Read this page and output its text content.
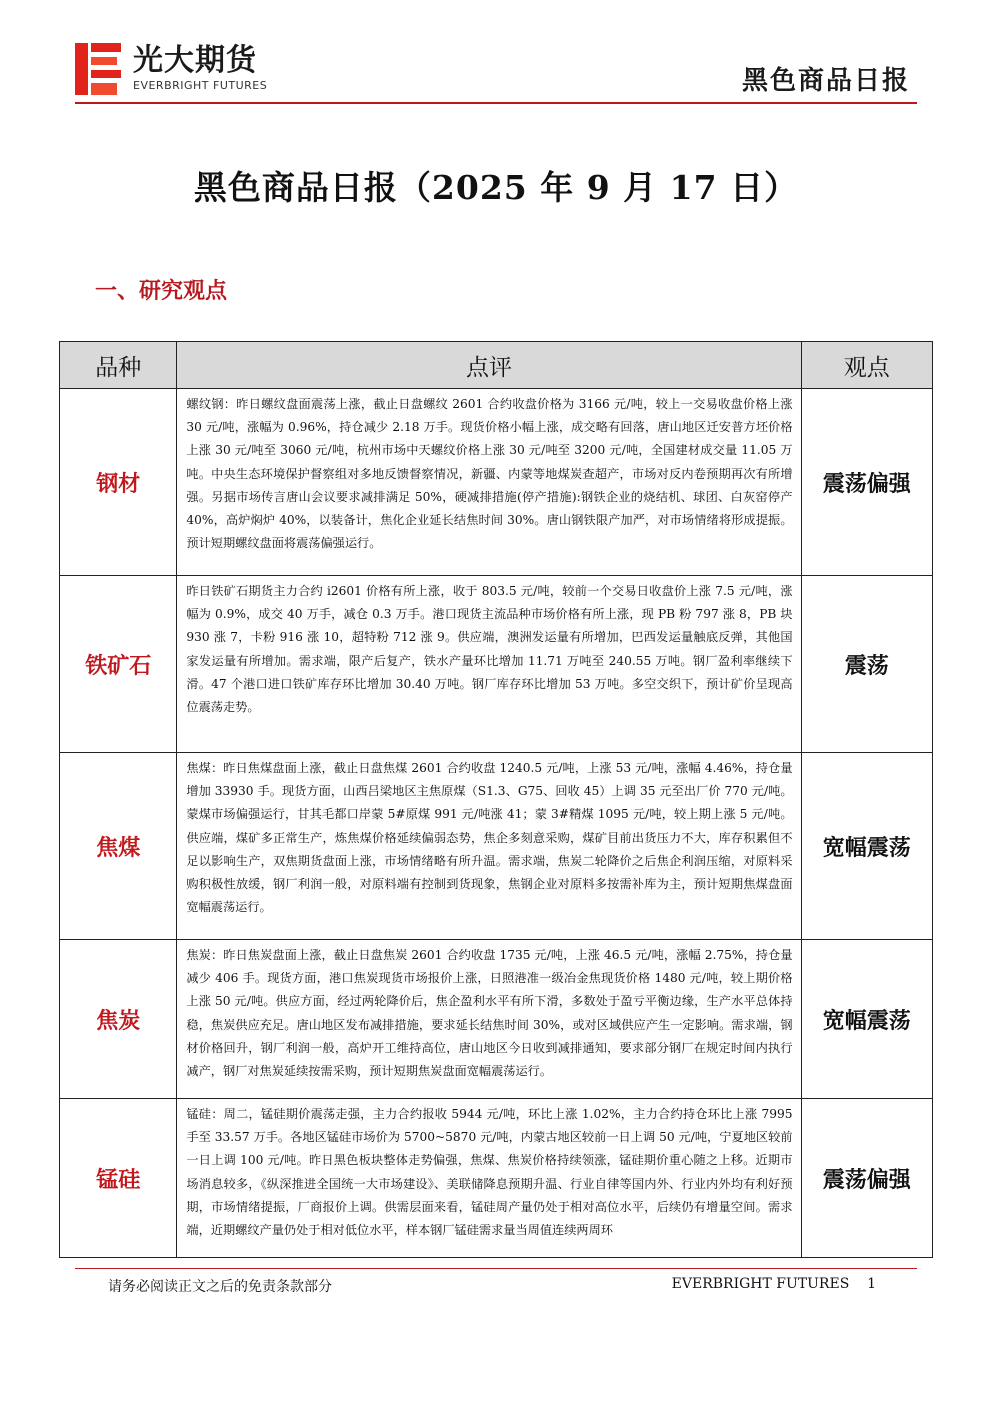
光大期货
EVERBRIGHT FUTURES	黑色商品日报
黑色商品日报（2025 年 9 月 17 日）
一、研究观点
品种	点评	观点
钢材	螺纹钢：昨日螺纹盘面震荡上涨，截止日盘螺纹 2601 合约收盘价格为 3166 元/吨，较上一交易收盘价格上涨 30 元/吨，涨幅为 0.96%，持仓减少 2.18 万手。现货价格小幅上涨，成交略有回落，唐山地区迁安普方坯价格上涨 30 元/吨至 3060 元/吨，杭州市场中天螺纹价格上涨 30 元/吨至 3200 元/吨，全国建材成交量 11.05 万吨。中央生态环境保护督察组对多地反馈督察情况，新疆、内蒙等地煤炭查超产，市场对反内卷预期再次有所增强。另据市场传言唐山会议要求减排满足 50%，硬减排措施(停产措施):钢铁企业的烧结机、球团、白灰窑停产 40%，高炉焖炉 40%，以装备计，焦化企业延长结焦时间 30%。唐山钢铁限产加严，对市场情绪将形成提振。预计短期螺纹盘面将震荡偏强运行。	震荡偏强
铁矿石	昨日铁矿石期货主力合约 i2601 价格有所上涨，收于 803.5 元/吨，较前一个交易日收盘价上涨 7.5 元/吨，涨幅为 0.9%，成交 40 万手，减仓 0.3 万手。港口现货主流品种市场价格有所上涨，现 PB 粉 797 涨 8，PB 块 930 涨 7，卡粉 916 涨 10，超特粉 712 涨 9。供应端，澳洲发运量有所增加，巴西发运量触底反弹，其他国家发运量有所增加。需求端，限产后复产，铁水产量环比增加 11.71 万吨至 240.55 万吨。钢厂盈利率继续下滑。47 个港口进口铁矿库存环比增加 30.40 万吨。钢厂库存环比增加 53 万吨。多空交织下，预计矿价呈现高位震荡走势。	震荡
焦煤	焦煤：昨日焦煤盘面上涨，截止日盘焦煤 2601 合约收盘 1240.5 元/吨，上涨 53 元/吨，涨幅 4.46%，持仓量增加 33930 手。现货方面，山西吕梁地区主焦原煤（S1.3、G75、回收 45）上调 35 元至出厂价 770 元/吨。蒙煤市场偏强运行，甘其毛都口岸蒙 5#原煤 991 元/吨涨 41；蒙 3#精煤 1095 元/吨，较上期上涨 5 元/吨。供应端，煤矿多正常生产，炼焦煤价格延续偏弱态势，焦企多刻意采购，煤矿目前出货压力不大，库存积累但不足以影响生产，双焦期货盘面上涨，市场情绪略有所升温。需求端，焦炭二轮降价之后焦企利润压缩，对原料采购积极性放缓，钢厂利润一般，对原料端有控制到货现象，焦钢企业对原料多按需补库为主，预计短期焦煤盘面宽幅震荡运行。	宽幅震荡
焦炭	焦炭：昨日焦炭盘面上涨，截止日盘焦炭 2601 合约收盘 1735 元/吨，上涨 46.5 元/吨，涨幅 2.75%，持仓量减少 406 手。现货方面，港口焦炭现货市场报价上涨，日照港准一级冶金焦现货价格 1480 元/吨，较上期价格上涨 50 元/吨。供应方面，经过两轮降价后，焦企盈利水平有所下滑，多数处于盈亏平衡边缘，生产水平总体持稳，焦炭供应充足。唐山地区发布减排措施，要求延长结焦时间 30%，或对区域供应产生一定影响。需求端，钢材价格回升，钢厂利润一般，高炉开工维持高位，唐山地区今日收到减排通知，要求部分钢厂在规定时间内执行减产，钢厂对焦炭延续按需采购，预计短期焦炭盘面宽幅震荡运行。	宽幅震荡
锰硅	锰硅：周二，锰硅期价震荡走强，主力合约报收 5944 元/吨，环比上涨 1.02%，主力合约持仓环比上涨 7995 手至 33.57 万手。各地区锰硅市场价为 5700~5870 元/吨，内蒙古地区较前一日上调 50 元/吨，宁夏地区较前一日上调 100 元/吨。昨日黑色板块整体走势偏强，焦煤、焦炭价格持续领涨，锰硅期价重心随之上移。近期市场消息较多，《纵深推进全国统一大市场建设》、美联储降息预期升温、行业自律等国内外、行业内外均有利好预期，市场情绪提振，厂商报价上调。供需层面来看，锰硅周产量仍处于相对高位水平，后续仍有增量空间。需求端，近期螺纹产量仍处于相对低位水平，样本钢厂锰硅需求量当周值连续两周环	震荡偏强
请务必阅读正文之后的免责条款部分	EVERBRIGHT FUTURES    1
